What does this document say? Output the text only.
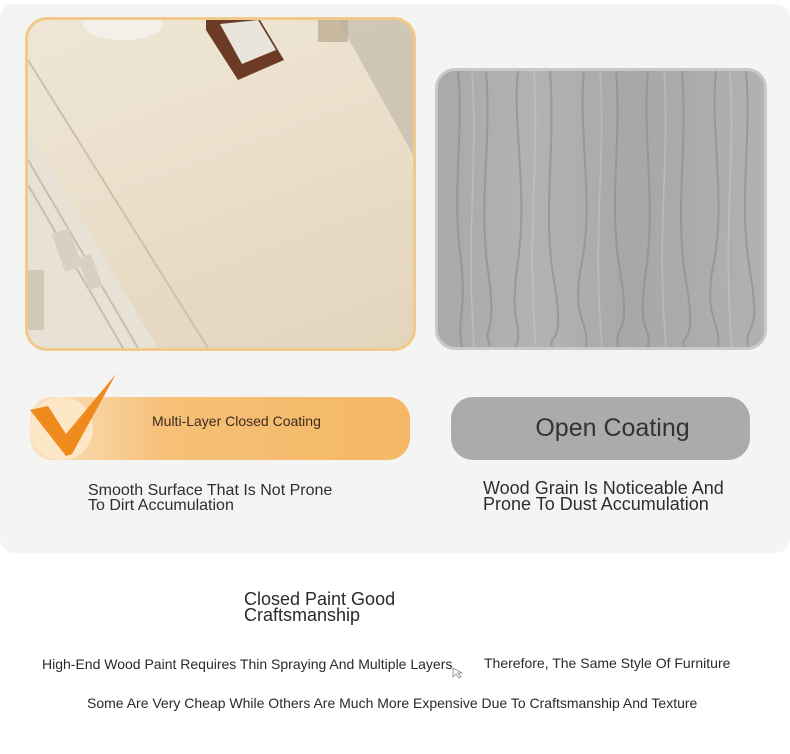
Multi-Layer Closed Coating	Open Coating
Smooth Surface That Is Not Prone
To Dirt Accumulation
Wood Grain Is Noticeable And
Prone To Dust Accumulation
Closed Paint Good
Craftsmanship
High-End Wood Paint Requires Thin Spraying And Multiple Layers Therefore, The Same Style Of Furniture
Some Are Very Cheap While Others Are Much More Expensive Due To Craftsmanship And Texture
